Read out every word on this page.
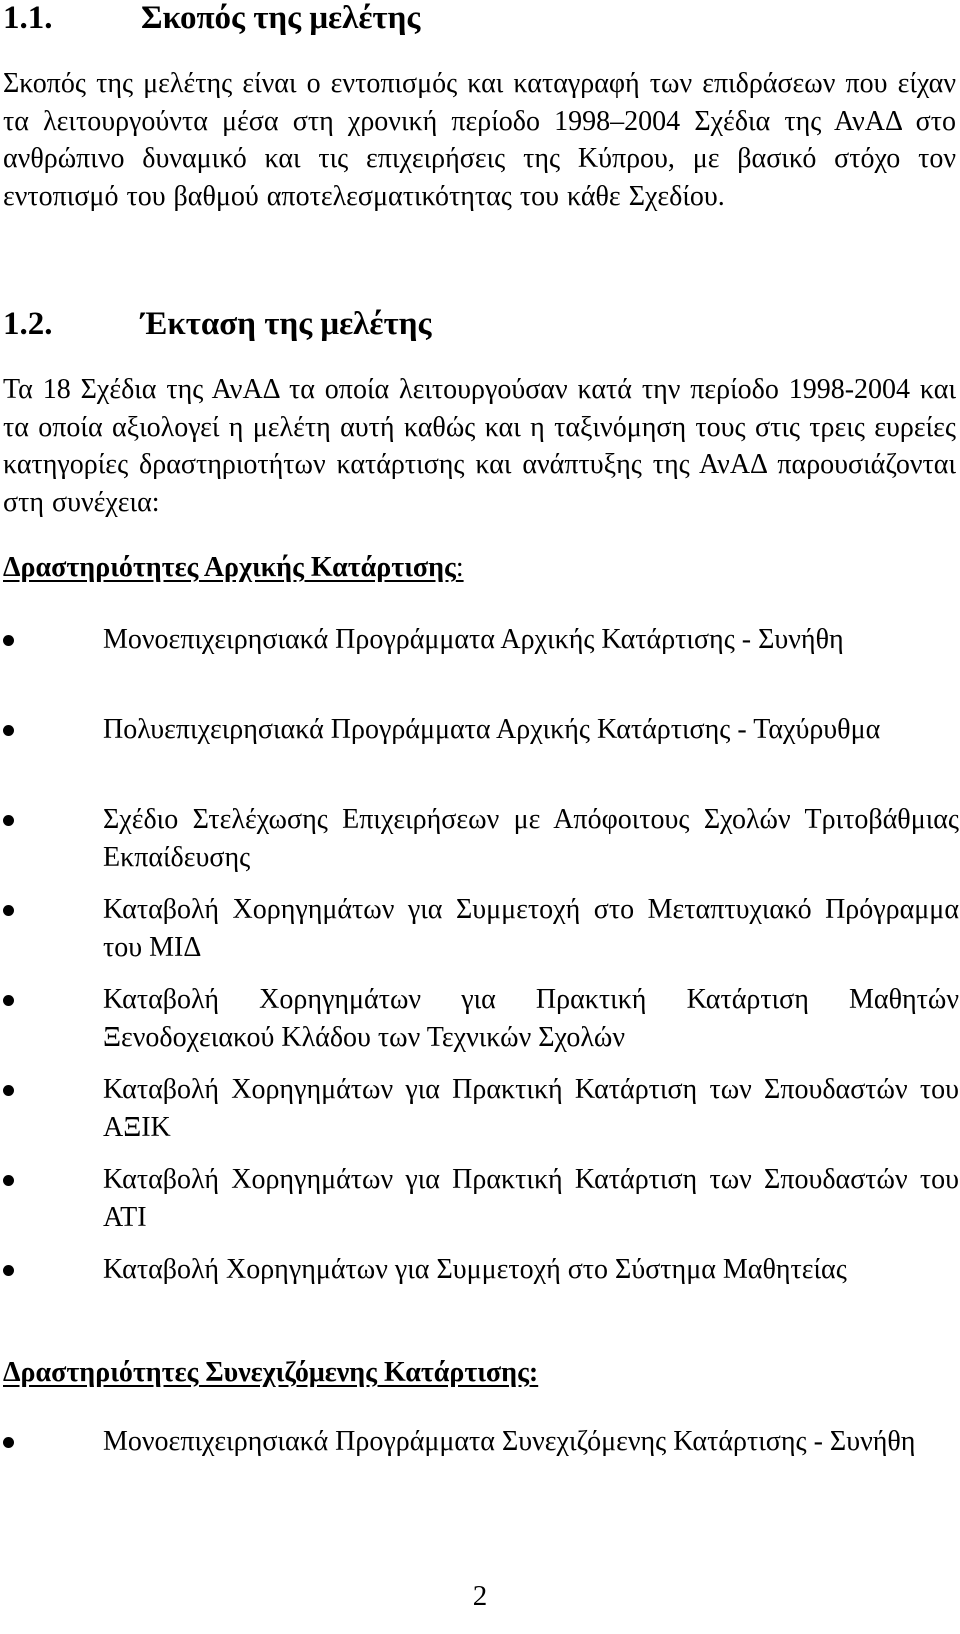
1.1.	Σκοπός της μελέτης
Σκοπός της μελέτης είναι ο εντοπισμός και καταγραφή των επιδράσεων που είχαν τα λειτουργούντα μέσα στη χρονική περίοδο 1998–2004 Σχέδια της ΑνΑΔ στο ανθρώπινο δυναμικό και τις επιχειρήσεις της Κύπρου, με βασικό στόχο τον εντοπισμό του βαθμού αποτελεσματικότητας του κάθε Σχεδίου.
1.2.	Έκταση της μελέτης
Τα 18 Σχέδια της ΑνΑΔ τα οποία λειτουργούσαν κατά την περίοδο 1998-2004 και τα οποία αξιολογεί η μελέτη αυτή καθώς και η ταξινόμηση τους στις τρεις ευρείες κατηγορίες δραστηριοτήτων κατάρτισης και ανάπτυξης της ΑνΑΔ παρουσιάζονται στη συνέχεια:
Δραστηριότητες Αρχικής Κατάρτισης:
Μονοεπιχειρησιακά Προγράμματα Αρχικής Κατάρτισης - Συνήθη
Πολυεπιχειρησιακά Προγράμματα Αρχικής Κατάρτισης - Ταχύρυθμα
Σχέδιο Στελέχωσης Επιχειρήσεων με Απόφοιτους Σχολών Τριτοβάθμιας Εκπαίδευσης
Καταβολή Χορηγημάτων για Συμμετοχή στο Μεταπτυχιακό Πρόγραμμα του ΜΙΔ
Καταβολή Χορηγημάτων για Πρακτική Κατάρτιση Μαθητών Ξενοδοχειακού Κλάδου των Τεχνικών Σχολών
Καταβολή Χορηγημάτων για Πρακτική Κατάρτιση των Σπουδαστών του ΑΞΙΚ
Καταβολή Χορηγημάτων για Πρακτική Κατάρτιση των Σπουδαστών του ΑΤΙ
Καταβολή Χορηγημάτων για Συμμετοχή στο Σύστημα Μαθητείας
Δραστηριότητες Συνεχιζόμενης Κατάρτισης:
Μονοεπιχειρησιακά Προγράμματα Συνεχιζόμενης Κατάρτισης - Συνήθη
2
